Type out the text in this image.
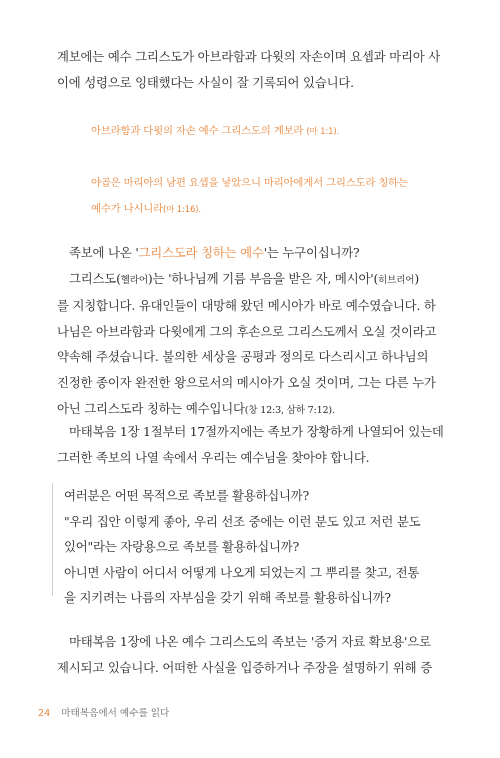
계보에는 예수 그리스도가 아브라함과 다윗의 자손이며 요셉과 마리아 사
이에 성령으로 잉태했다는 사실이 잘 기록되어 있습니다.

아브라함과 다윗의 자손 예수 그리스도의 계보라 (마 1:1).

야곱은 마리아의 남편 요셉을 낳았으니 마리아에게서 그리스도라 칭하는
예수가 나시니라(마 1:16).

족보에 나온 '그리스도라 칭하는 예수'는 누구이십니까?

그리스도(헬라어)는 '하나님께 기름 부음을 받은 자, 메시아'(히브리어)
를 지칭합니다. 유대인들이 대망해 왔던 메시아가 바로 예수였습니다. 하
나님은 아브라함과 다윗에게 그의 후손으로 그리스도께서 오실 것이라고
약속해 주셨습니다. 불의한 세상을 공평과 정의로 다스리시고 하나님의
진정한 종이자 완전한 왕으로서의 메시아가 오실 것이며, 그는 다른 누가
아닌 그리스도라 칭하는 예수입니다(창 12:3, 삼하 7:12).

마태복음 1장 1절부터 17절까지에는 족보가 장황하게 나열되어 있는데
그러한 족보의 나열 속에서 우리는 예수님을 찾아야 합니다.

여러분은 어떤 목적으로 족보를 활용하십니까?
"우리 집안 이렇게 좋아, 우리 선조 중에는 이런 분도 있고 저런 분도
있어"라는 자랑용으로 족보를 활용하십니까?
아니면 사람이 어디서 어떻게 나오게 되었는지 그 뿌리를 찾고, 전통
을 지키려는 나름의 자부심을 갖기 위해 족보를 활용하십니까?

마태복음 1장에 나온 예수 그리스도의 족보는 '증거 자료 확보용'으로
제시되고 있습니다. 어떠한 사실을 입증하거나 주장을 설명하기 위해 증

24 마태복음에서 예수를 읽다
